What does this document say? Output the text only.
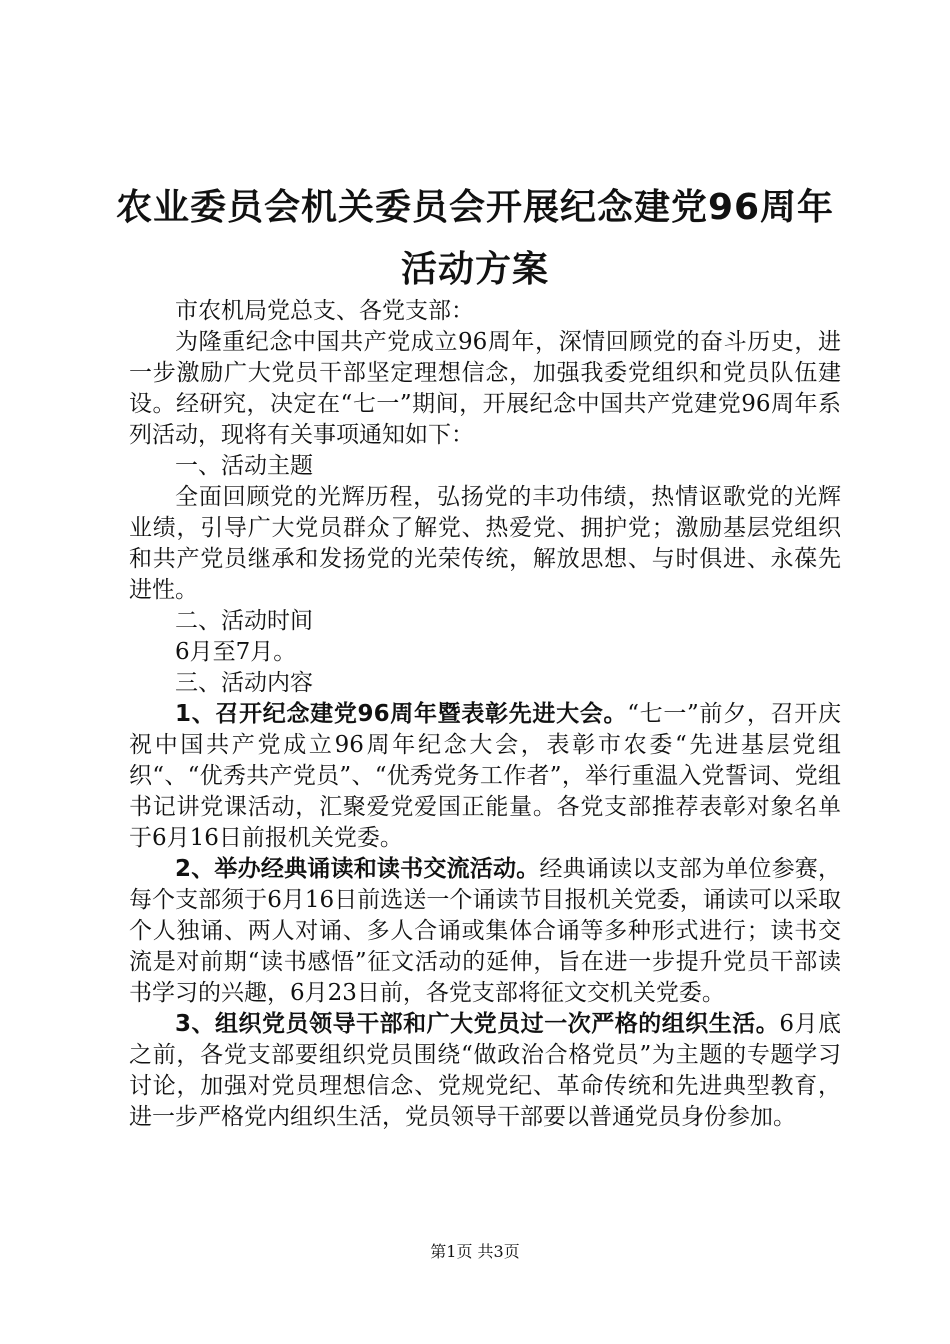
农业委员会机关委员会开展纪念建党96周年
活动方案

市农机局党总支、各党支部：

为隆重纪念中国共产党成立96周年，深情回顾党的奋斗历史，进一步激励广大党员干部坚定理想信念，加强我委党组织和党员队伍建设。经研究，决定在“七一”期间，开展纪念中国共产党建党96周年系列活动，现将有关事项通知如下：

一、活动主题

全面回顾党的光辉历程，弘扬党的丰功伟绩，热情讴歌党的光辉业绩，引导广大党员群众了解党、热爱党、拥护党；激励基层党组织和共产党员继承和发扬党的光荣传统，解放思想、与时俱进、永葆先进性。

二、活动时间

6月至7月。

三、活动内容

1、召开纪念建党96周年暨表彰先进大会。“七一”前夕，召开庆祝中国共产党成立96周年纪念大会，表彰市农委“先进基层党组织“、“优秀共产党员”、“优秀党务工作者”，举行重温入党誓词、党组书记讲党课活动，汇聚爱党爱国正能量。各党支部推荐表彰对象名单于6月16日前报机关党委。

2、举办经典诵读和读书交流活动。经典诵读以支部为单位参赛，每个支部须于6月16日前选送一个诵读节目报机关党委，诵读可以采取个人独诵、两人对诵、多人合诵或集体合诵等多种形式进行；读书交流是对前期“读书感悟”征文活动的延伸，旨在进一步提升党员干部读书学习的兴趣，6月23日前，各党支部将征文交机关党委。

3、组织党员领导干部和广大党员过一次严格的组织生活。6月底之前，各党支部要组织党员围绕“做政治合格党员”为主题的专题学习讨论，加强对党员理想信念、党规党纪、革命传统和先进典型教育，进一步严格党内组织生活，党员领导干部要以普通党员身份参加。

第1页 共3页
